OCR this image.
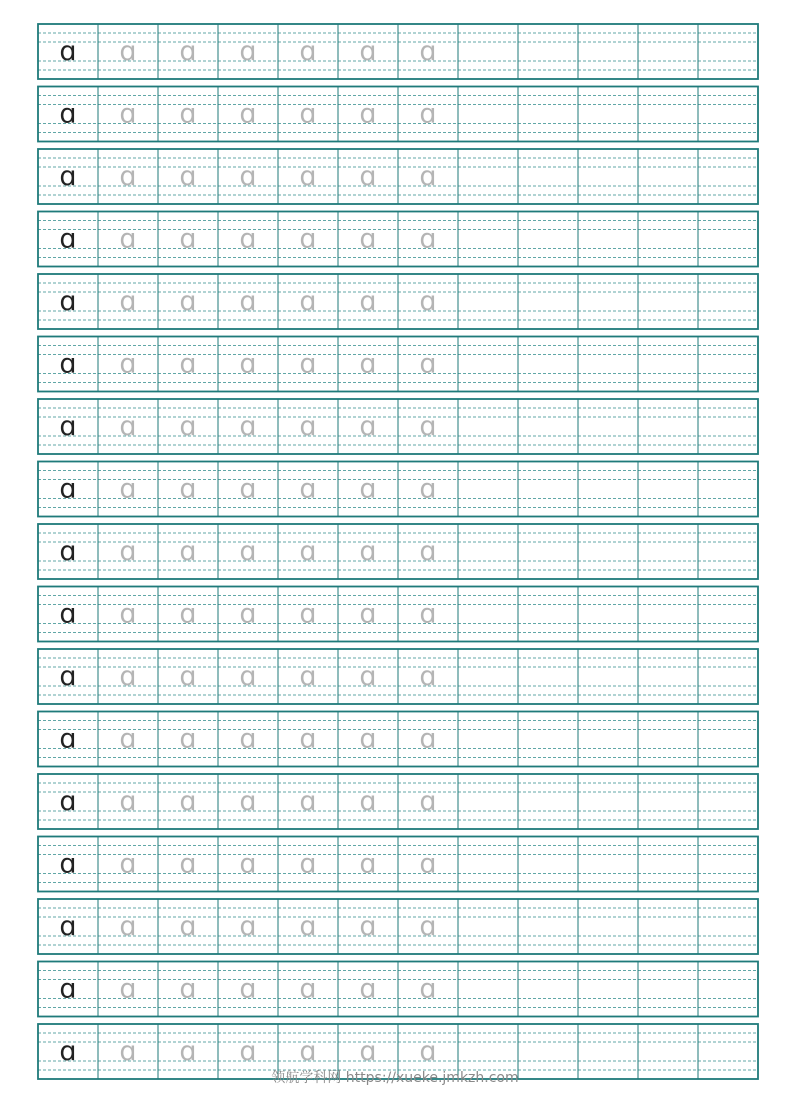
ɑ ɑ ɑ ɑ ɑ ɑ ɑ
ɑ ɑ ɑ ɑ ɑ ɑ ɑ
ɑ ɑ ɑ ɑ ɑ ɑ ɑ
ɑ ɑ ɑ ɑ ɑ ɑ ɑ
ɑ ɑ ɑ ɑ ɑ ɑ ɑ
ɑ ɑ ɑ ɑ ɑ ɑ ɑ
ɑ ɑ ɑ ɑ ɑ ɑ ɑ
ɑ ɑ ɑ ɑ ɑ ɑ ɑ
ɑ ɑ ɑ ɑ ɑ ɑ ɑ
ɑ ɑ ɑ ɑ ɑ ɑ ɑ
ɑ ɑ ɑ ɑ ɑ ɑ ɑ
ɑ ɑ ɑ ɑ ɑ ɑ ɑ
ɑ ɑ ɑ ɑ ɑ ɑ ɑ
ɑ ɑ ɑ ɑ ɑ ɑ ɑ
ɑ ɑ ɑ ɑ ɑ ɑ ɑ
ɑ ɑ ɑ ɑ ɑ ɑ ɑ
ɑ ɑ ɑ ɑ ɑ ɑ ɑ
领航学科网 https://xueke.jmkzh.com
